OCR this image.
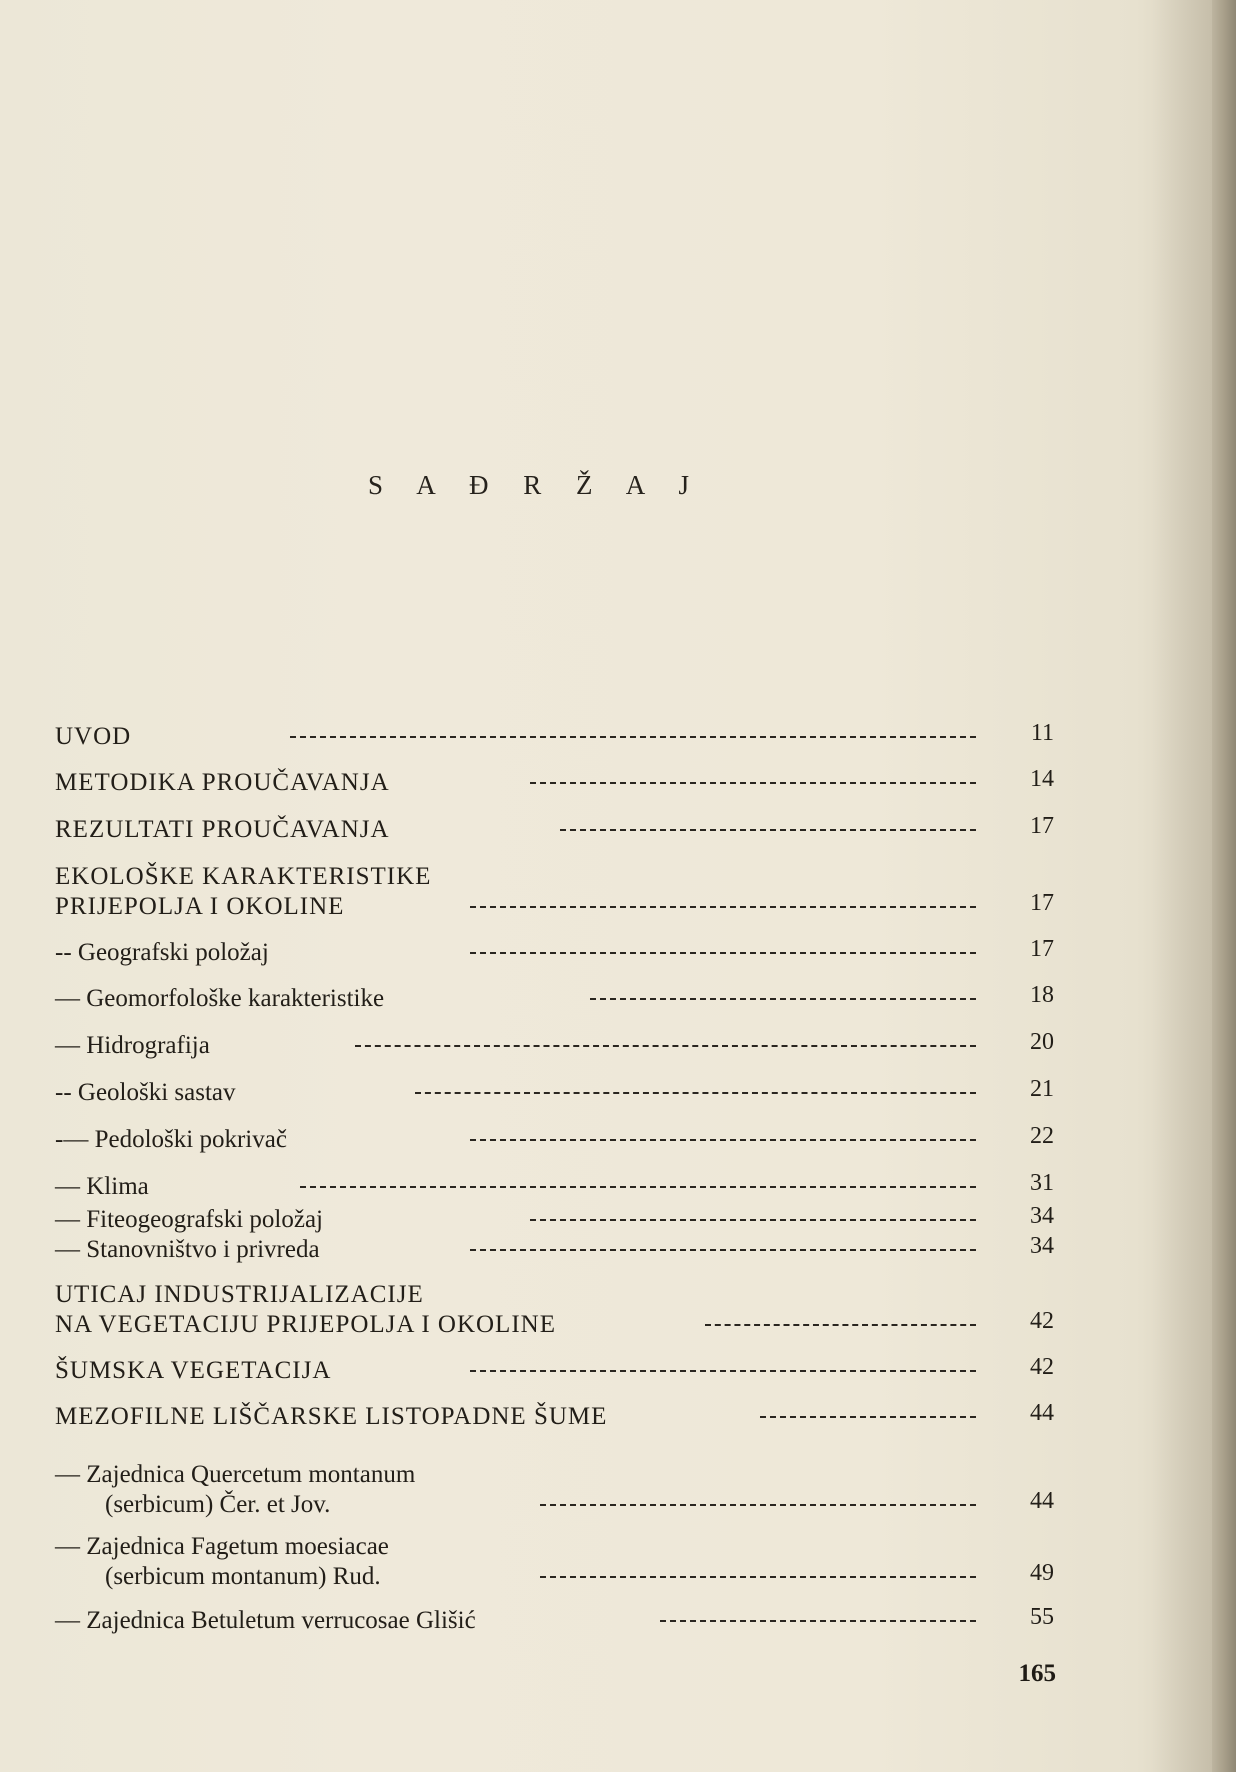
S A Đ R Ž A J
UVOD	11
METODIKA PROUČAVANJA	14
REZULTATI PROUČAVANJA	17
EKOLOŠKE KARAKTERISTIKE
PRIJEPOLJA I OKOLINE	17
-- Geografski položaj	17
— Geomorfološke karakteristike	18
— Hidrografija	20
-- Geološki sastav	21
-— Pedološki pokrivač	22
— Klima	31
— Fiteogeografski položaj	34
— Stanovništvo i privreda	34
UTICAJ INDUSTRIJALIZACIJE
NA VEGETACIJU PRIJEPOLJA I OKOLINE	42
ŠUMSKA VEGETACIJA	42
MEZOFILNE LIŠČARSKE LISTOPADNE ŠUME	44
— Zajednica Quercetum montanum
(serbicum) Čer. et Jov.	44
— Zajednica Fagetum moesiacae
(serbicum montanum) Rud.	49
— Zajednica Betuletum verrucosae Glišić	55
165
